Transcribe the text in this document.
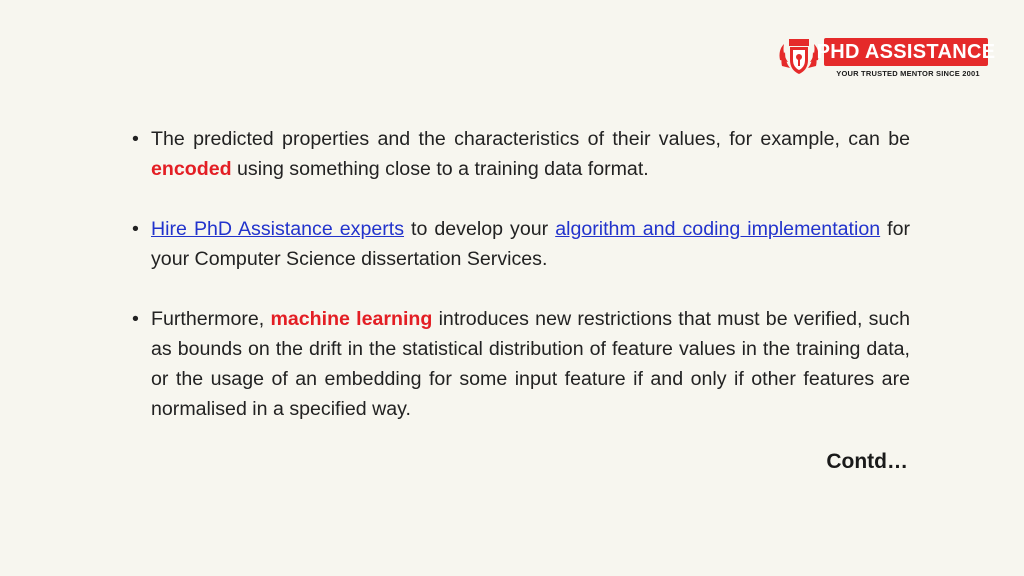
PHD ASSISTANCE
YOUR TRUSTED MENTOR SINCE 2001
• The predicted properties and the characteristics of their values, for example, can be encoded using something close to a training data format.
• Hire PhD Assistance experts to develop your algorithm and coding implementation for your Computer Science dissertation Services.
• Furthermore, machine learning introduces new restrictions that must be verified, such as bounds on the drift in the statistical distribution of feature values in the training data, or the usage of an embedding for some input feature if and only if other features are normalised in a specified way.
Contd…
